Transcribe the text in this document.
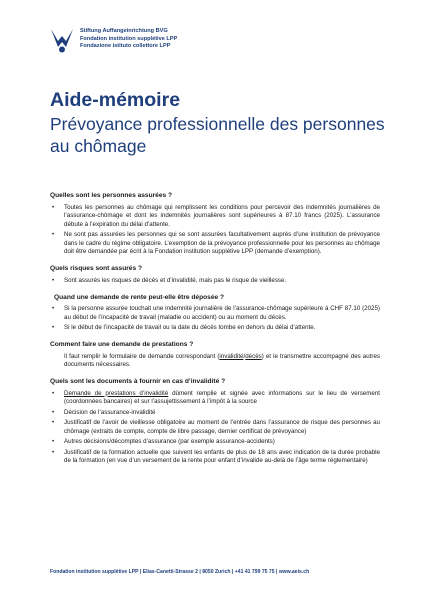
Stiftung Auffangeinrichtung BVG
Fondation institution supplétive LPP
Fondazione istituto collettore LPP
Aide-mémoire
Prévoyance professionnelle des personnes au chômage
Quelles sont les personnes assurées ?
• Toutes les personnes au chômage qui remplissent les conditions pour percevoir des indemnités journalières de l’assurance-chômage et dont les indemnités journalières sont supérieures à 87.10 francs (2025). L’assurance débute à l’expiration du délai d’attente.
• Ne sont pas assurées les personnes qui se sont assurées facultativement auprès d’une institution de prévoyance dans le cadre du régime obligatoire. L’exemption de la prévoyance professionnelle pour les personnes au chômage doit être demandée par écrit à la Fondation institution supplétive LPP (demande d’exemption).
Quels risques sont assurés ?
• Sont assurés les risques de décès et d’invalidité, mais pas le risque de vieillesse.
Quand une demande de rente peut-elle être déposée ?
• Si la personne assurée touchait une indemnité journalière de l’assurance-chômage supérieure à CHF 87.10 (2025) au début de l’incapacité de travail (maladie ou accident) ou au moment du décès.
• Si le début de l’incapacité de travail ou la date du décès tombe en dehors du délai d’attente.
Comment faire une demande de prestations ?
Il faut remplir le formulaire de demande correspondant (invalidité/décès) et le transmettre accompagné des autres documents nécessaires.
Quels sont les documents à fournir en cas d’invalidité ?
• Demande de prestations d’invalidité dûment remplie et signée avec informations sur le lieu de versement (coordonnées bancaires) et sur l’assujettissement à l’impôt à la source
• Décision de l’assurance-invalidité
• Justificatif de l’avoir de vieillesse obligatoire au moment de l’entrée dans l’assurance de risque des personnes au chômage (extraits de compte, compte de libre passage, dernier certificat de prévoyance)
• Autres décisions/décomptes d’assurance (par exemple assurance-accidents)
• Justificatif de la formation actuelle que suivent les enfants de plus de 18 ans avec indication de la durée probable de la formation (en vue d’un versement de la rente pour enfant d’invalide au-delà de l’âge terme réglementaire)
Fondation institution supplétive LPP | Elias-Canetti-Strasse 2 | 8050 Zurich | +41 41 799 75 75 | www.aeis.ch
